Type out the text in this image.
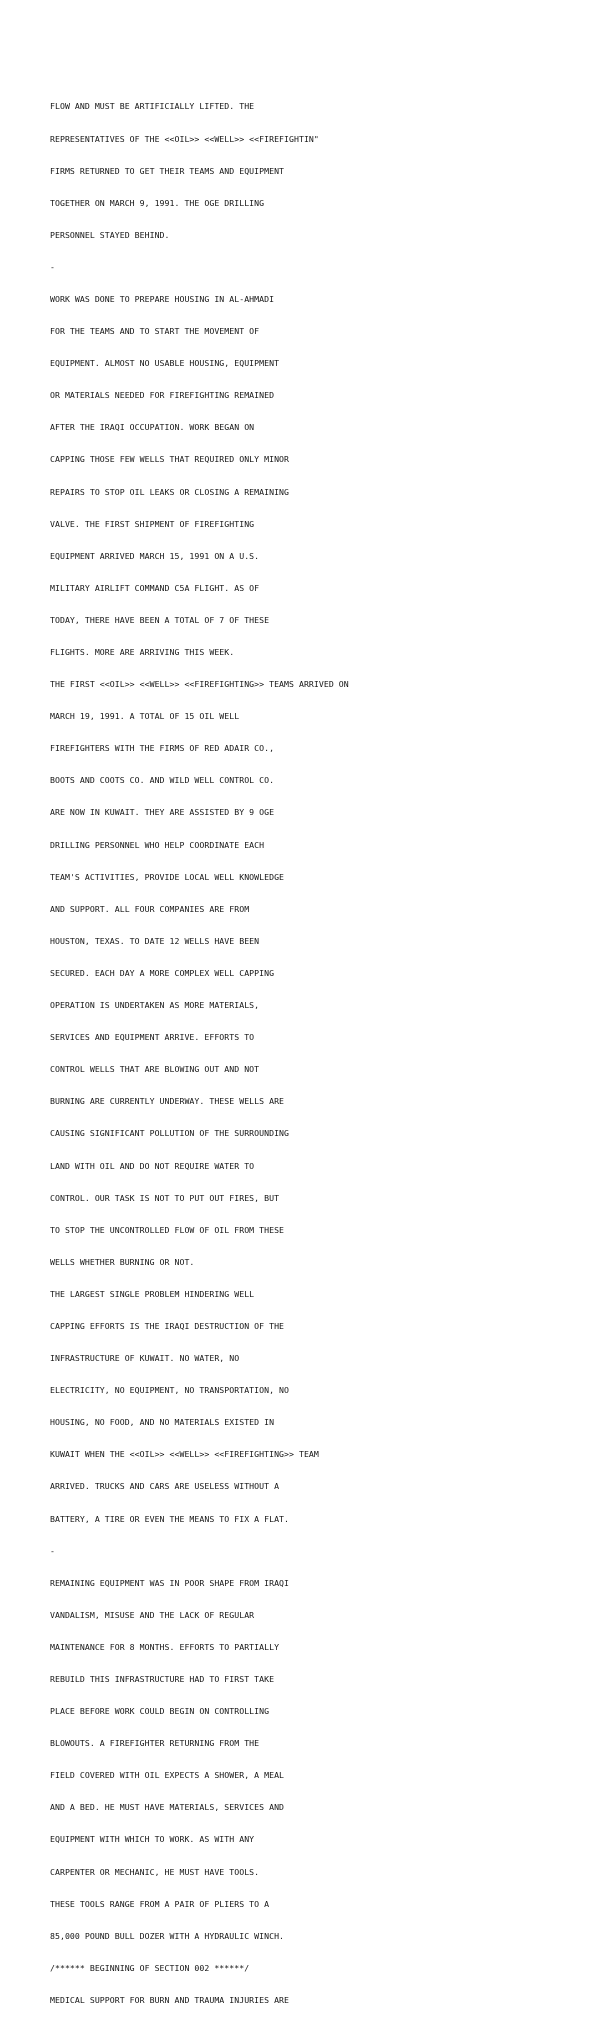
FLOW AND MUST BE ARTIFICIALLY LIFTED. THE

REPRESENTATIVES OF THE <<OIL>> <<WELL>> <<FIREFIGHTIN"

FIRMS RETURNED TO GET THEIR TEAMS AND EQUIPMENT

TOGETHER ON MARCH 9, 1991. THE OGE DRILLING

PERSONNEL STAYED BEHIND.

-

WORK WAS DONE TO PREPARE HOUSING IN AL-AHMADI

FOR THE TEAMS AND TO START THE MOVEMENT OF

EQUIPMENT. ALMOST NO USABLE HOUSING, EQUIPMENT

OR MATERIALS NEEDED FOR FIREFIGHTING REMAINED

AFTER THE IRAQI OCCUPATION. WORK BEGAN ON

CAPPING THOSE FEW WELLS THAT REQUIRED ONLY MINOR

REPAIRS TO STOP OIL LEAKS OR CLOSING A REMAINING

VALVE. THE FIRST SHIPMENT OF FIREFIGHTING

EQUIPMENT ARRIVED MARCH 15, 1991 ON A U.S.

MILITARY AIRLIFT COMMAND C5A FLIGHT. AS OF

TODAY, THERE HAVE BEEN A TOTAL OF 7 OF THESE

FLIGHTS. MORE ARE ARRIVING THIS WEEK.

THE FIRST <<OIL>> <<WELL>> <<FIREFIGHTING>> TEAMS ARRIVED ON

MARCH 19, 1991. A TOTAL OF 15 OIL WELL

FIREFIGHTERS WITH THE FIRMS OF RED ADAIR CO.,

BOOTS AND COOTS CO. AND WILD WELL CONTROL CO.

ARE NOW IN KUWAIT. THEY ARE ASSISTED BY 9 OGE

DRILLING PERSONNEL WHO HELP COORDINATE EACH

TEAM'S ACTIVITIES, PROVIDE LOCAL WELL KNOWLEDGE

AND SUPPORT. ALL FOUR COMPANIES ARE FROM

HOUSTON, TEXAS. TO DATE 12 WELLS HAVE BEEN

SECURED. EACH DAY A MORE COMPLEX WELL CAPPING

OPERATION IS UNDERTAKEN AS MORE MATERIALS,

SERVICES AND EQUIPMENT ARRIVE. EFFORTS TO

CONTROL WELLS THAT ARE BLOWING OUT AND NOT

BURNING ARE CURRENTLY UNDERWAY. THESE WELLS ARE

CAUSING SIGNIFICANT POLLUTION OF THE SURROUNDING

LAND WITH OIL AND DO NOT REQUIRE WATER TO

CONTROL. OUR TASK IS NOT TO PUT OUT FIRES, BUT

TO STOP THE UNCONTROLLED FLOW OF OIL FROM THESE

WELLS WHETHER BURNING OR NOT.

THE LARGEST SINGLE PROBLEM HINDERING WELL

CAPPING EFFORTS IS THE IRAQI DESTRUCTION OF THE

INFRASTRUCTURE OF KUWAIT. NO WATER, NO

ELECTRICITY, NO EQUIPMENT, NO TRANSPORTATION, NO

HOUSING, NO FOOD, AND NO MATERIALS EXISTED IN

KUWAIT WHEN THE <<OIL>> <<WELL>> <<FIREFIGHTING>> TEAM

ARRIVED. TRUCKS AND CARS ARE USELESS WITHOUT A

BATTERY, A TIRE OR EVEN THE MEANS TO FIX A FLAT.

-

REMAINING EQUIPMENT WAS IN POOR SHAPE FROM IRAQI

VANDALISM, MISUSE AND THE LACK OF REGULAR

MAINTENANCE FOR 8 MONTHS. EFFORTS TO PARTIALLY

REBUILD THIS INFRASTRUCTURE HAD TO FIRST TAKE

PLACE BEFORE WORK COULD BEGIN ON CONTROLLING

BLOWOUTS. A FIREFIGHTER RETURNING FROM THE

FIELD COVERED WITH OIL EXPECTS A SHOWER, A MEAL

AND A BED. HE MUST HAVE MATERIALS, SERVICES AND

EQUIPMENT WITH WHICH TO WORK. AS WITH ANY

CARPENTER OR MECHANIC, HE MUST HAVE TOOLS.

THESE TOOLS RANGE FROM A PAIR OF PLIERS TO A

85,000 POUND BULL DOZER WITH A HYDRAULIC WINCH.

/****** BEGINNING OF SECTION 002 ******/

MEDICAL SUPPORT FOR BURN AND TRAUMA INJURIES ARE
